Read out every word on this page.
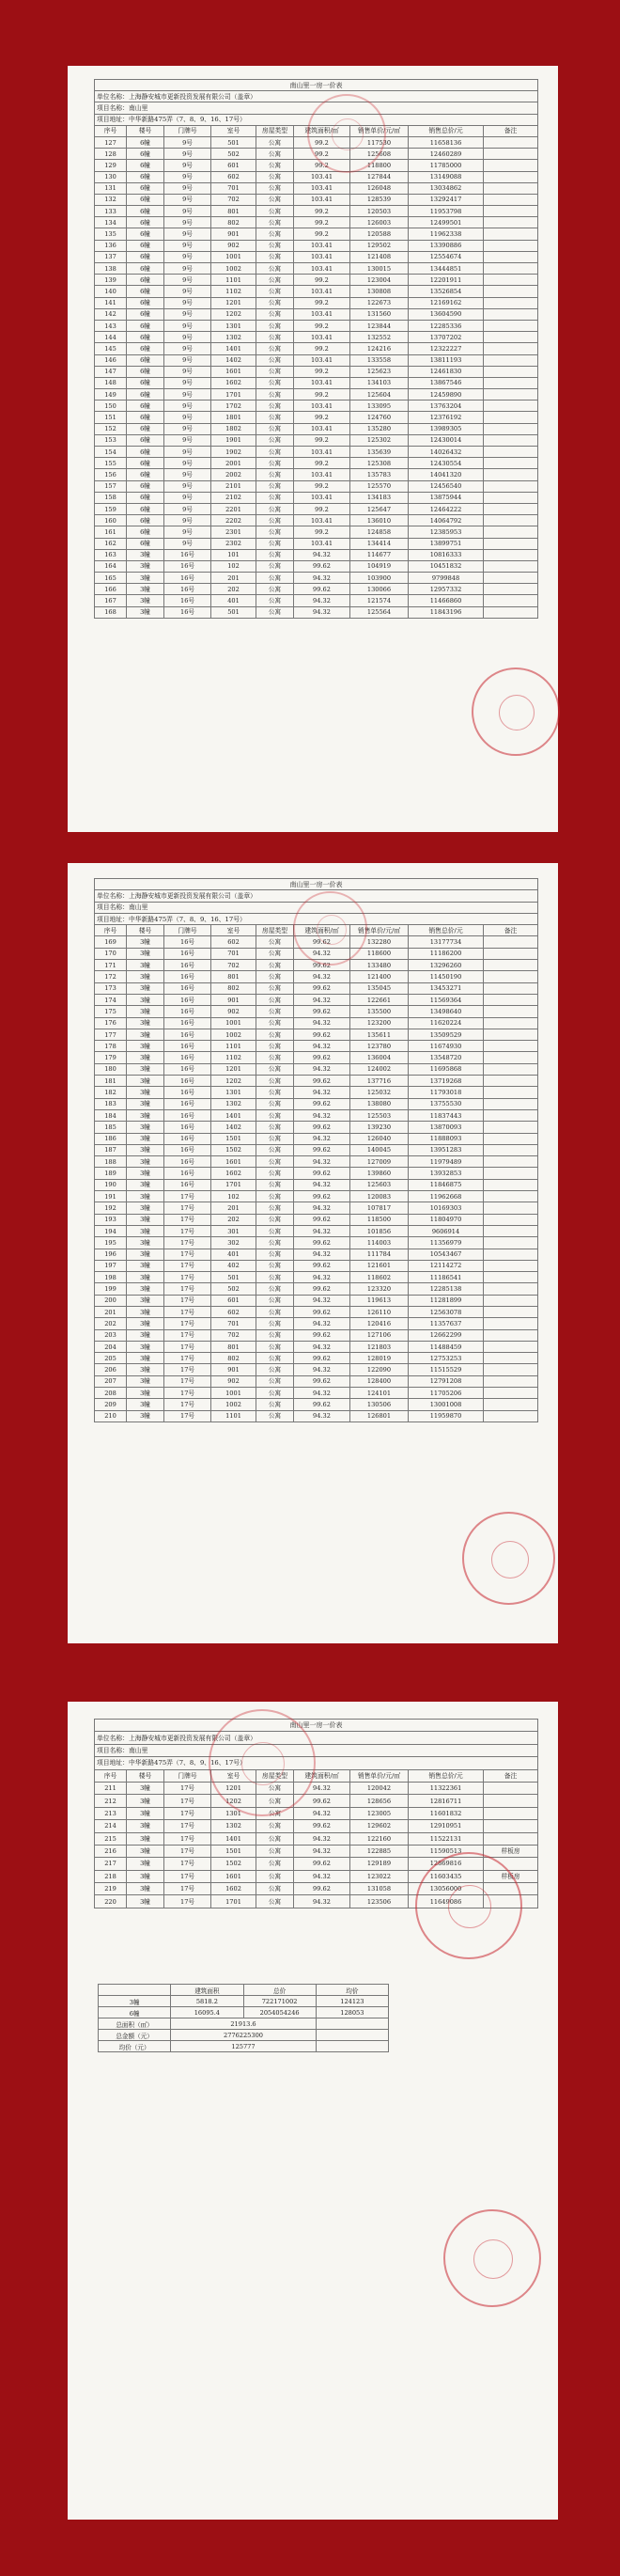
南山里一房一价表								
单位名称：上海静安城市更新投资发展有限公司（盖章）								
项目名称：南山里								
项目地址：中华新路475弄（7、8、9、16、17号）								
序号	楼号	门牌号	室号	房屋类型	建筑面积/㎡	销售单价/元/㎡	销售总价/元	备注
127	6幢	9号	501	公寓	99.2	117530	11658136	
128	6幢	9号	502	公寓	99.2	125608	12460289	
129	6幢	9号	601	公寓	99.2	118800	11785000	
130	6幢	9号	602	公寓	103.41	127844	13149088	
131	6幢	9号	701	公寓	103.41	126048	13034862	
132	6幢	9号	702	公寓	103.41	128539	13292417	
133	6幢	9号	801	公寓	99.2	120503	11953798	
134	6幢	9号	802	公寓	99.2	126003	12499501	
135	6幢	9号	901	公寓	99.2	120588	11962338	
136	6幢	9号	902	公寓	103.41	129502	13390886	
137	6幢	9号	1001	公寓	103.41	121408	12554674	
138	6幢	9号	1002	公寓	103.41	130015	13444851	
139	6幢	9号	1101	公寓	99.2	123004	12201911	
140	6幢	9号	1102	公寓	103.41	130808	13526854	
141	6幢	9号	1201	公寓	99.2	122673	12169162	
142	6幢	9号	1202	公寓	103.41	131560	13604590	
143	6幢	9号	1301	公寓	99.2	123844	12285336	
144	6幢	9号	1302	公寓	103.41	132552	13707202	
145	6幢	9号	1401	公寓	99.2	124216	12322227	
146	6幢	9号	1402	公寓	103.41	133558	13811193	
147	6幢	9号	1601	公寓	99.2	125623	12461830	
148	6幢	9号	1602	公寓	103.41	134103	13867546	
149	6幢	9号	1701	公寓	99.2	125604	12459890	
150	6幢	9号	1702	公寓	103.41	133095	13763204	
151	6幢	9号	1801	公寓	99.2	124760	12376192	
152	6幢	9号	1802	公寓	103.41	135280	13989305	
153	6幢	9号	1901	公寓	99.2	125302	12430014	
154	6幢	9号	1902	公寓	103.41	135639	14026432	
155	6幢	9号	2001	公寓	99.2	125308	12430554	
156	6幢	9号	2002	公寓	103.41	135783	14041320	
157	6幢	9号	2101	公寓	99.2	125570	12456540	
158	6幢	9号	2102	公寓	103.41	134183	13875944	
159	6幢	9号	2201	公寓	99.2	125647	12464222	
160	6幢	9号	2202	公寓	103.41	136010	14064792	
161	6幢	9号	2301	公寓	99.2	124858	12385953	
162	6幢	9号	2302	公寓	103.41	134414	13899751	
163	3幢	16号	101	公寓	94.32	114677	10816333	
164	3幢	16号	102	公寓	99.62	104919	10451832	
165	3幢	16号	201	公寓	94.32	103900	9799848	
166	3幢	16号	202	公寓	99.62	130066	12957332	
167	3幢	16号	401	公寓	94.32	121574	11466860	
168	3幢	16号	501	公寓	94.32	125564	11843196	
南山里一房一价表								
单位名称：上海静安城市更新投资发展有限公司（盖章）								
项目名称：南山里								
项目地址：中华新路475弄（7、8、9、16、17号）								
序号	楼号	门牌号	室号	房屋类型	建筑面积/㎡	销售单价/元/㎡	销售总价/元	备注
169	3幢	16号	602	公寓	99.62	132280	13177734	
170	3幢	16号	701	公寓	94.32	118600	11186200	
171	3幢	16号	702	公寓	99.62	133480	13296260	
172	3幢	16号	801	公寓	94.32	121400	11450190	
173	3幢	16号	802	公寓	99.62	135045	13453271	
174	3幢	16号	901	公寓	94.32	122661	11569364	
175	3幢	16号	902	公寓	99.62	135500	13498640	
176	3幢	16号	1001	公寓	94.32	123200	11620224	
177	3幢	16号	1002	公寓	99.62	135611	13509529	
178	3幢	16号	1101	公寓	94.32	123780	11674930	
179	3幢	16号	1102	公寓	99.62	136004	13548720	
180	3幢	16号	1201	公寓	94.32	124002	11695868	
181	3幢	16号	1202	公寓	99.62	137716	13719268	
182	3幢	16号	1301	公寓	94.32	125032	11793018	
183	3幢	16号	1302	公寓	99.62	138080	13755530	
184	3幢	16号	1401	公寓	94.32	125503	11837443	
185	3幢	16号	1402	公寓	99.62	139230	13870093	
186	3幢	16号	1501	公寓	94.32	126040	11888093	
187	3幢	16号	1502	公寓	99.62	140045	13951283	
188	3幢	16号	1601	公寓	94.32	127009	11979489	
189	3幢	16号	1602	公寓	99.62	139860	13932853	
190	3幢	16号	1701	公寓	94.32	125603	11846875	
191	3幢	17号	102	公寓	99.62	120083	11962668	
192	3幢	17号	201	公寓	94.32	107817	10169303	
193	3幢	17号	202	公寓	99.62	118500	11804970	
194	3幢	17号	301	公寓	94.32	101856	9606914	
195	3幢	17号	302	公寓	99.62	114003	11356979	
196	3幢	17号	401	公寓	94.32	111784	10543467	
197	3幢	17号	402	公寓	99.62	121601	12114272	
198	3幢	17号	501	公寓	94.32	118602	11186541	
199	3幢	17号	502	公寓	99.62	123320	12285138	
200	3幢	17号	601	公寓	94.32	119613	11281899	
201	3幢	17号	602	公寓	99.62	126110	12563078	
202	3幢	17号	701	公寓	94.32	120416	11357637	
203	3幢	17号	702	公寓	99.62	127106	12662299	
204	3幢	17号	801	公寓	94.32	121803	11488459	
205	3幢	17号	802	公寓	99.62	128019	12753253	
206	3幢	17号	901	公寓	94.32	122090	11515529	
207	3幢	17号	902	公寓	99.62	128400	12791208	
208	3幢	17号	1001	公寓	94.32	124101	11705206	
209	3幢	17号	1002	公寓	99.62	130506	13001008	
210	3幢	17号	1101	公寓	94.32	126801	11959870	
南山里一房一价表								
单位名称：上海静安城市更新投资发展有限公司（盖章）								
项目名称：南山里								
项目地址：中华新路475弄（7、8、9、16、17号）								
序号	楼号	门牌号	室号	房屋类型	建筑面积/㎡	销售单价/元/㎡	销售总价/元	备注
211	3幢	17号	1201	公寓	94.32	120042	11322361	
212	3幢	17号	1202	公寓	99.62	128656	12816711	
213	3幢	17号	1301	公寓	94.32	123005	11601832	
214	3幢	17号	1302	公寓	99.62	129602	12910951	
215	3幢	17号	1401	公寓	94.32	122160	11522131	
216	3幢	17号	1501	公寓	94.32	122885	11590513	样板房
217	3幢	17号	1502	公寓	99.62	129189	12869816	
218	3幢	17号	1601	公寓	94.32	123022	11603435	样板房
219	3幢	17号	1602	公寓	99.62	131058	13056000	
220	3幢	17号	1701	公寓	94.32	123506	11649086	
	建筑面积	总价	均价
3幢	5818.2	722171002	124123
6幢	16095.4	2054054246	128053
总面积（㎡）	21913.6		
总金额（元）	2776225300		
均价（元）	125777		
